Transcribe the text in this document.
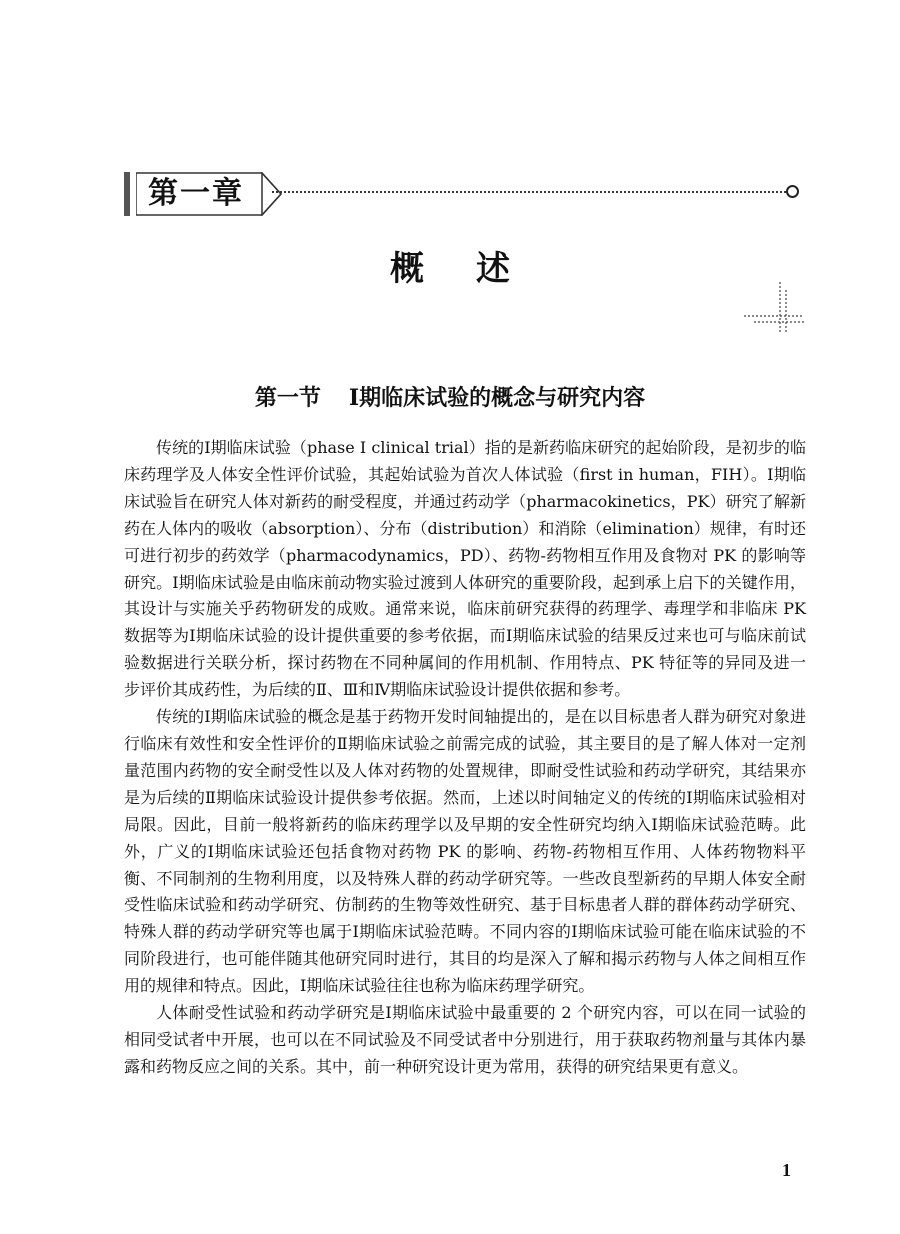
第一章
概述
第一节 Ⅰ期临床试验的概念与研究内容

传统的Ⅰ期临床试验（phase Ⅰ clinical trial）指的是新药临床研究的起始阶段，是初步的临床药理学及人体安全性评价试验，其起始试验为首次人体试验（first in human，FIH）。Ⅰ期临床试验旨在研究人体对新药的耐受程度，并通过药动学（pharmacokinetics，PK）研究了解新药在人体内的吸收（absorption）、分布（distribution）和消除（elimination）规律，有时还可进行初步的药效学（pharmacodynamics，PD）、药物-药物相互作用及食物对 PK 的影响等研究。Ⅰ期临床试验是由临床前动物实验过渡到人体研究的重要阶段，起到承上启下的关键作用，其设计与实施关乎药物研发的成败。通常来说，临床前研究获得的药理学、毒理学和非临床 PK 数据等为Ⅰ期临床试验的设计提供重要的参考依据，而Ⅰ期临床试验的结果反过来也可与临床前试验数据进行关联分析，探讨药物在不同种属间的作用机制、作用特点、PK 特征等的异同及进一步评价其成药性，为后续的Ⅱ、Ⅲ和Ⅳ期临床试验设计提供依据和参考。

传统的Ⅰ期临床试验的概念是基于药物开发时间轴提出的，是在以目标患者人群为研究对象进行临床有效性和安全性评价的Ⅱ期临床试验之前需完成的试验，其主要目的是了解人体对一定剂量范围内药物的安全耐受性以及人体对药物的处置规律，即耐受性试验和药动学研究，其结果亦是为后续的Ⅱ期临床试验设计提供参考依据。然而，上述以时间轴定义的传统的Ⅰ期临床试验相对局限。因此，目前一般将新药的临床药理学以及早期的安全性研究均纳入Ⅰ期临床试验范畴。此外，广义的Ⅰ期临床试验还包括食物对药物 PK 的影响、药物-药物相互作用、人体药物物料平衡、不同制剂的生物利用度，以及特殊人群的药动学研究等。一些改良型新药的早期人体安全耐受性临床试验和药动学研究、仿制药的生物等效性研究、基于目标患者人群的群体药动学研究、特殊人群的药动学研究等也属于Ⅰ期临床试验范畴。不同内容的Ⅰ期临床试验可能在临床试验的不同阶段进行，也可能伴随其他研究同时进行，其目的均是深入了解和揭示药物与人体之间相互作用的规律和特点。因此，Ⅰ期临床试验往往也称为临床药理学研究。

人体耐受性试验和药动学研究是Ⅰ期临床试验中最重要的 2 个研究内容，可以在同一试验的相同受试者中开展，也可以在不同试验及不同受试者中分别进行，用于获取药物剂量与其体内暴露和药物反应之间的关系。其中，前一种研究设计更为常用，获得的研究结果更有意义。

1
